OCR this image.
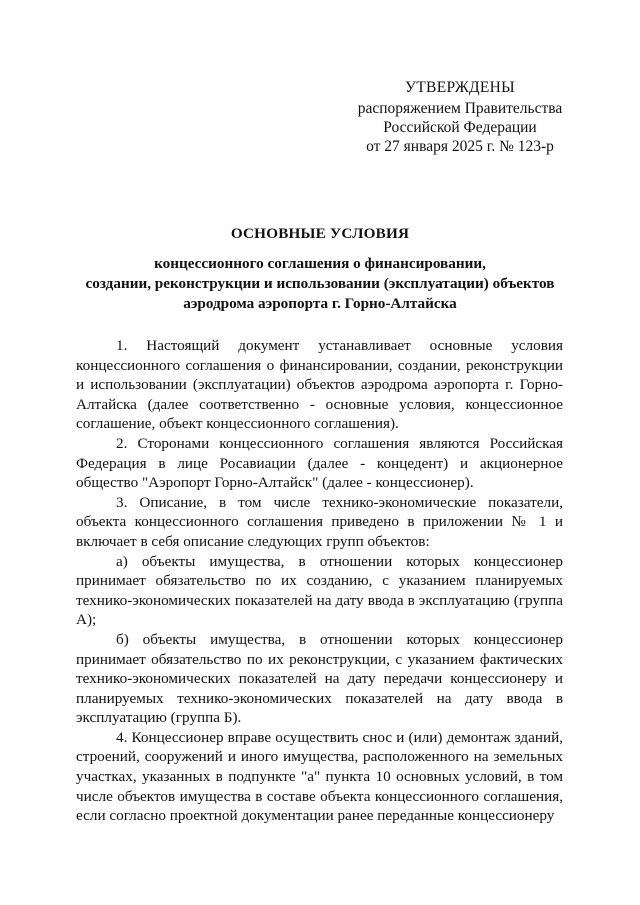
УТВЕРЖДЕНЫ
распоряжением Правительства
Российской Федерации
от 27 января 2025 г. № 123-р
ОСНОВНЫЕ УСЛОВИЯ
концессионного соглашения о финансировании,
создании, реконструкции и использовании (эксплуатации) объектов
аэродрома аэропорта г. Горно-Алтайска

1. Настоящий документ устанавливает основные условия концессионного соглашения о финансировании, создании, реконструкции и использовании (эксплуатации) объектов аэродрома аэропорта г. Горно-Алтайска (далее соответственно - основные условия, концессионное соглашение, объект концессионного соглашения).

2. Сторонами концессионного соглашения являются Российская Федерация в лице Росавиации (далее - концедент) и акционерное общество "Аэропорт Горно-Алтайск" (далее - концессионер).

3. Описание, в том числе технико-экономические показатели, объекта концессионного соглашения приведено в приложении № 1 и включает в себя описание следующих групп объектов:

а) объекты имущества, в отношении которых концессионер принимает обязательство по их созданию, с указанием планируемых технико-экономических показателей на дату ввода в эксплуатацию (группа А);

б) объекты имущества, в отношении которых концессионер принимает обязательство по их реконструкции, с указанием фактических технико-экономических показателей на дату передачи концессионеру и планируемых технико-экономических показателей на дату ввода в эксплуатацию (группа Б).

4. Концессионер вправе осуществить снос и (или) демонтаж зданий, строений, сооружений и иного имущества, расположенного на земельных участках, указанных в подпункте "а" пункта 10 основных условий, в том числе объектов имущества в составе объекта концессионного соглашения, если согласно проектной документации ранее переданные концессионеру
